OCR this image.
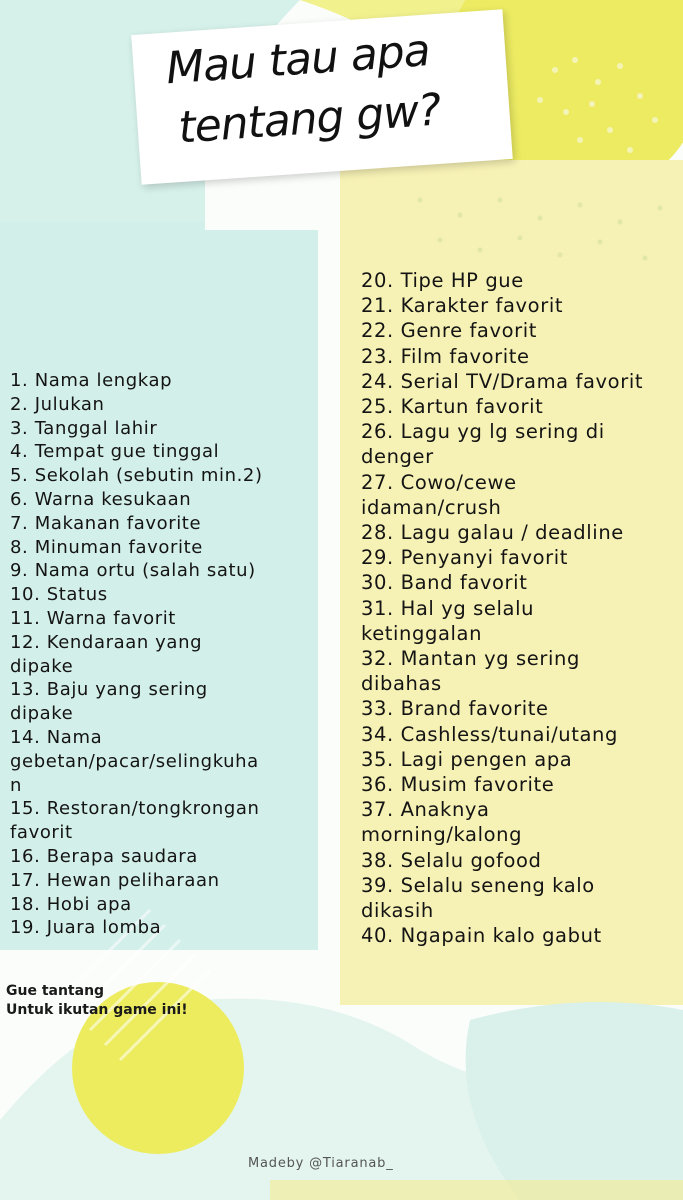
Mau tau apa
tentang gw?
1. Nama lengkap
2. Julukan
3. Tanggal lahir
4. Tempat gue tinggal
5. Sekolah (sebutin min.2)
6. Warna kesukaan
7. Makanan favorite
8. Minuman favorite
9. Nama ortu (salah satu)
10. Status
11. Warna favorit
12. Kendaraan yang
dipake
13. Baju yang sering
dipake
14. Nama
gebetan/pacar/selingkuha
n
15. Restoran/tongkrongan
favorit
16. Berapa saudara
17. Hewan peliharaan
18. Hobi apa
19. Juara lomba
20. Tipe HP gue
21. Karakter favorit
22. Genre favorit
23. Film favorite
24. Serial TV/Drama favorit
25. Kartun favorit
26. Lagu yg lg sering di
denger
27. Cowo/cewe
idaman/crush
28. Lagu galau / deadline
29. Penyanyi favorit
30. Band favorit
31. Hal yg selalu
ketinggalan
32. Mantan yg sering
dibahas
33. Brand favorite
34. Cashless/tunai/utang
35. Lagi pengen apa
36. Musim favorite
37. Anaknya
morning/kalong
38. Selalu gofood
39. Selalu seneng kalo
dikasih
40. Ngapain kalo gabut
Gue tantang
Untuk ikutan game ini!
Madeby @Tiaranab_
